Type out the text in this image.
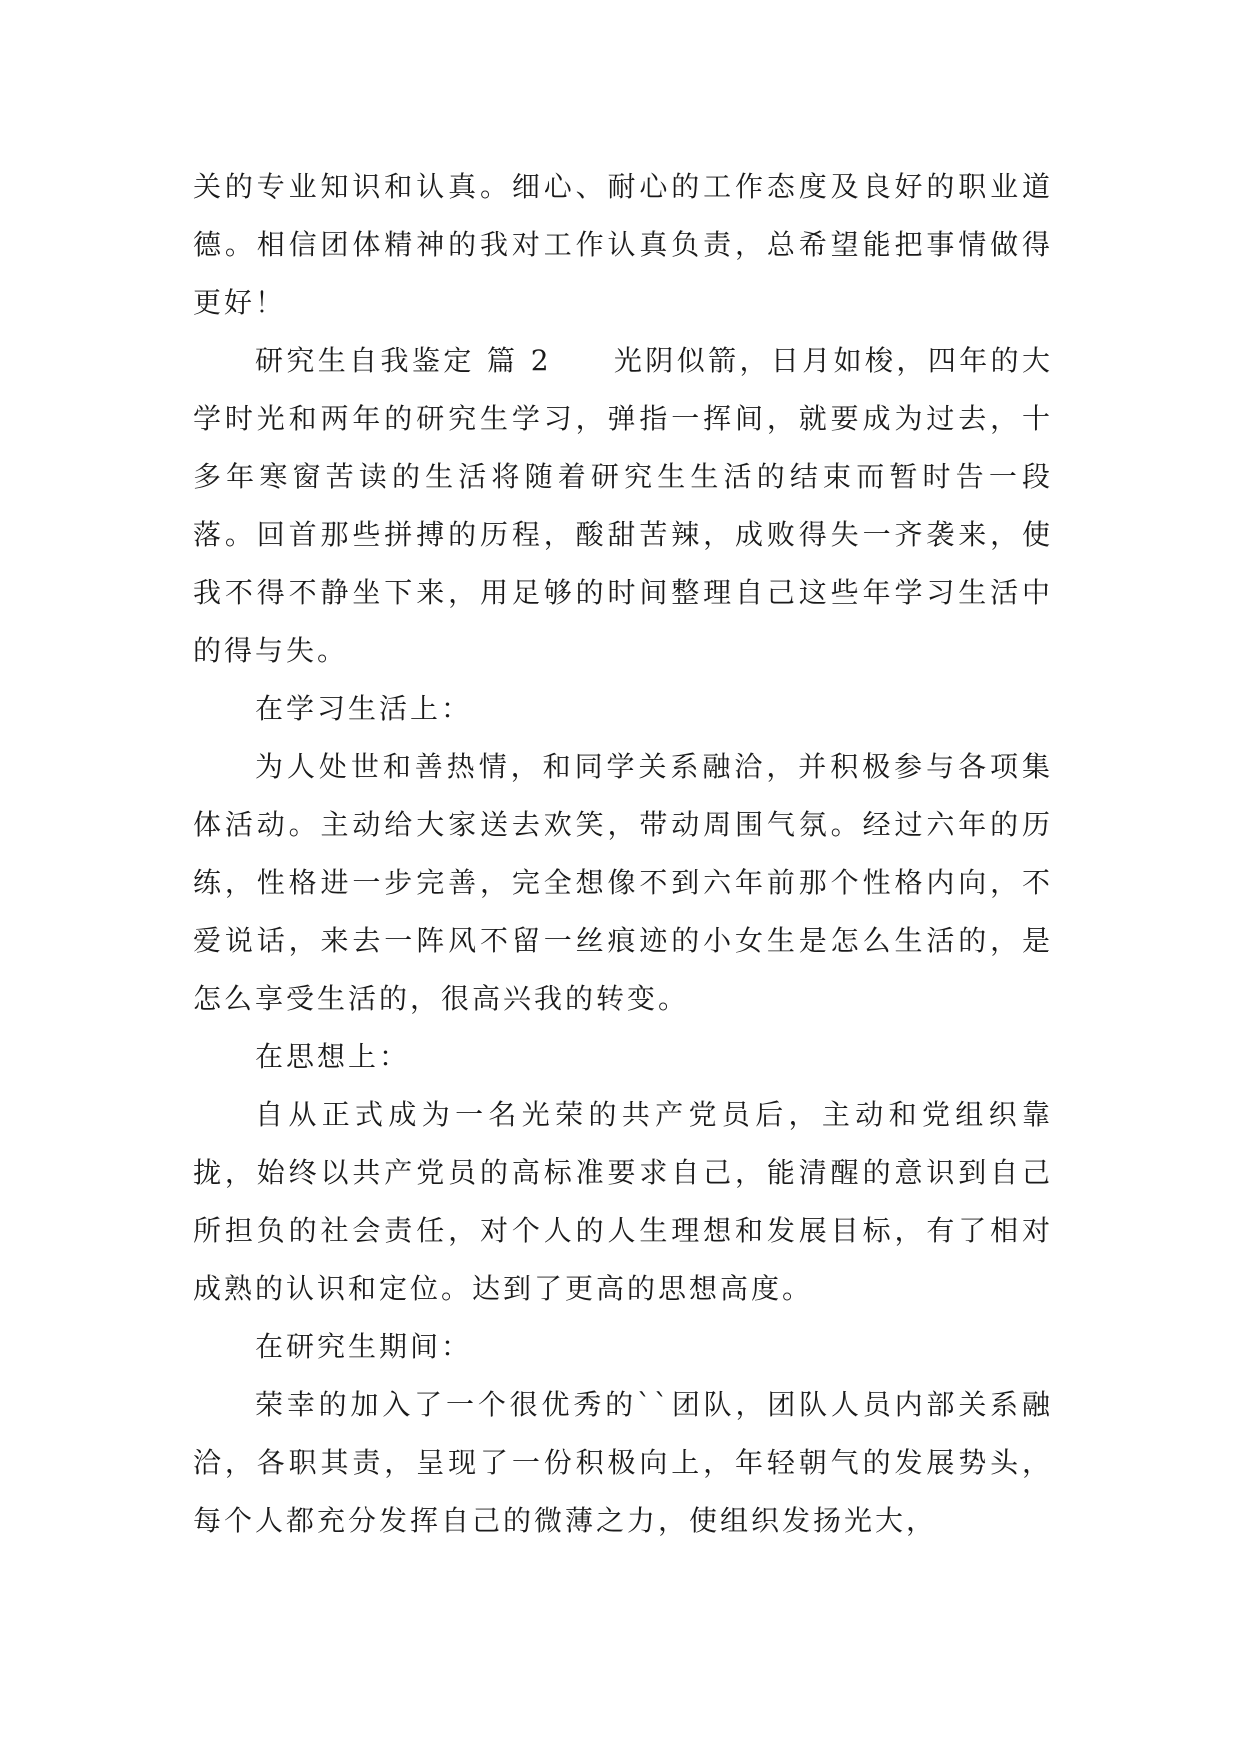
关的专业知识和认真。细心、耐心的工作态度及良好的职业道德。相信团体精神的我对工作认真负责，总希望能把事情做得更好！

研究生自我鉴定 篇 2 光阴似箭，日月如梭，四年的大学时光和两年的研究生学习，弹指一挥间，就要成为过去，十多年寒窗苦读的生活将随着研究生生活的结束而暂时告一段落。回首那些拼搏的历程，酸甜苦辣，成败得失一齐袭来，使我不得不静坐下来，用足够的时间整理自己这些年学习生活中的得与失。

在学习生活上：

为人处世和善热情，和同学关系融洽，并积极参与各项集体活动。主动给大家送去欢笑，带动周围气氛。经过六年的历练，性格进一步完善，完全想像不到六年前那个性格内向，不爱说话，来去一阵风不留一丝痕迹的小女生是怎么生活的，是怎么享受生活的，很高兴我的转变。

在思想上：

自从正式成为一名光荣的共产党员后，主动和党组织靠拢，始终以共产党员的高标准要求自己，能清醒的意识到自己所担负的社会责任，对个人的人生理想和发展目标，有了相对成熟的认识和定位。达到了更高的思想高度。

在研究生期间：

荣幸的加入了一个很优秀的``团队，团队人员内部关系融洽，各职其责，呈现了一份积极向上，年轻朝气的发展势头，每个人都充分发挥自己的微薄之力，使组织发扬光大，
